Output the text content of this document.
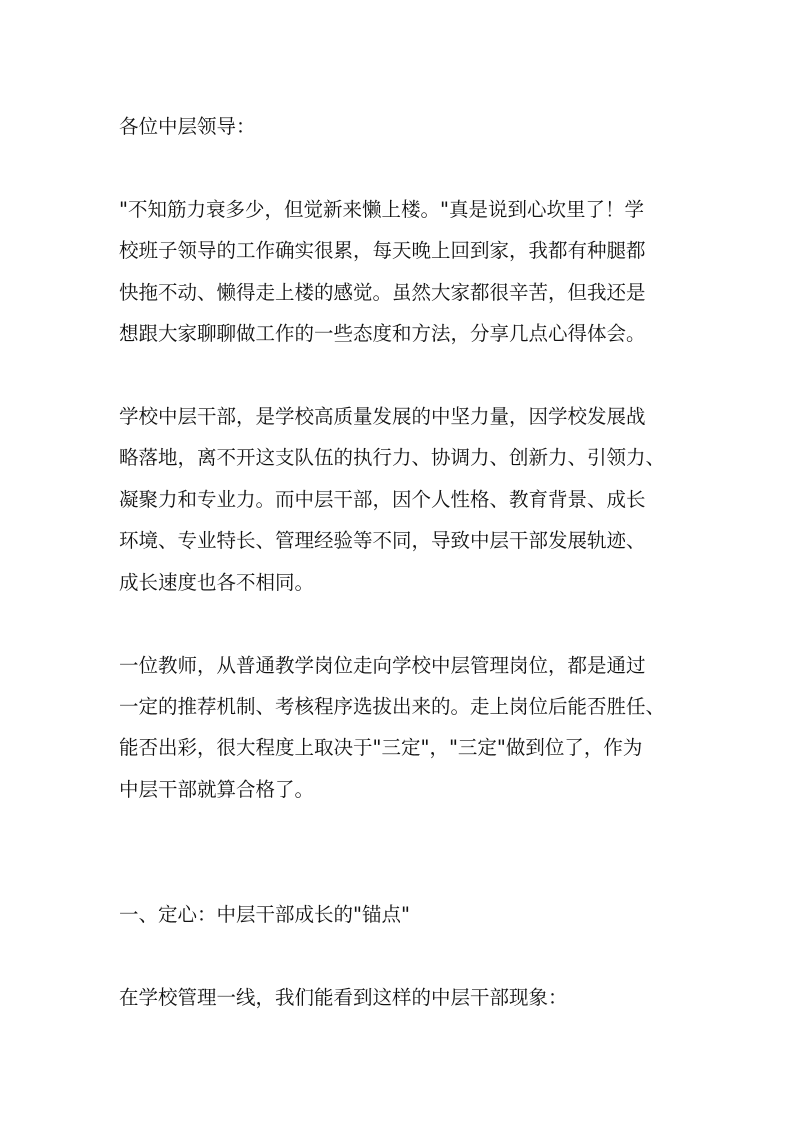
各位中层领导：

"不知筋力衰多少，但觉新来懒上楼。"真是说到心坎里了！学

校班子领导的工作确实很累，每天晚上回到家，我都有种腿都

快拖不动、懒得走上楼的感觉。虽然大家都很辛苦，但我还是

想跟大家聊聊做工作的一些态度和方法，分享几点心得体会。

学校中层干部，是学校高质量发展的中坚力量，因学校发展战

略落地，离不开这支队伍的执行力、协调力、创新力、引领力、

凝聚力和专业力。而中层干部，因个人性格、教育背景、成长

环境、专业特长、管理经验等不同，导致中层干部发展轨迹、

成长速度也各不相同。

一位教师，从普通教学岗位走向学校中层管理岗位，都是通过

一定的推荐机制、考核程序选拔出来的。走上岗位后能否胜任、

能否出彩，很大程度上取决于"三定"，"三定"做到位了，作为

中层干部就算合格了。

一、定心：中层干部成长的"锚点"

在学校管理一线，我们能看到这样的中层干部现象：
